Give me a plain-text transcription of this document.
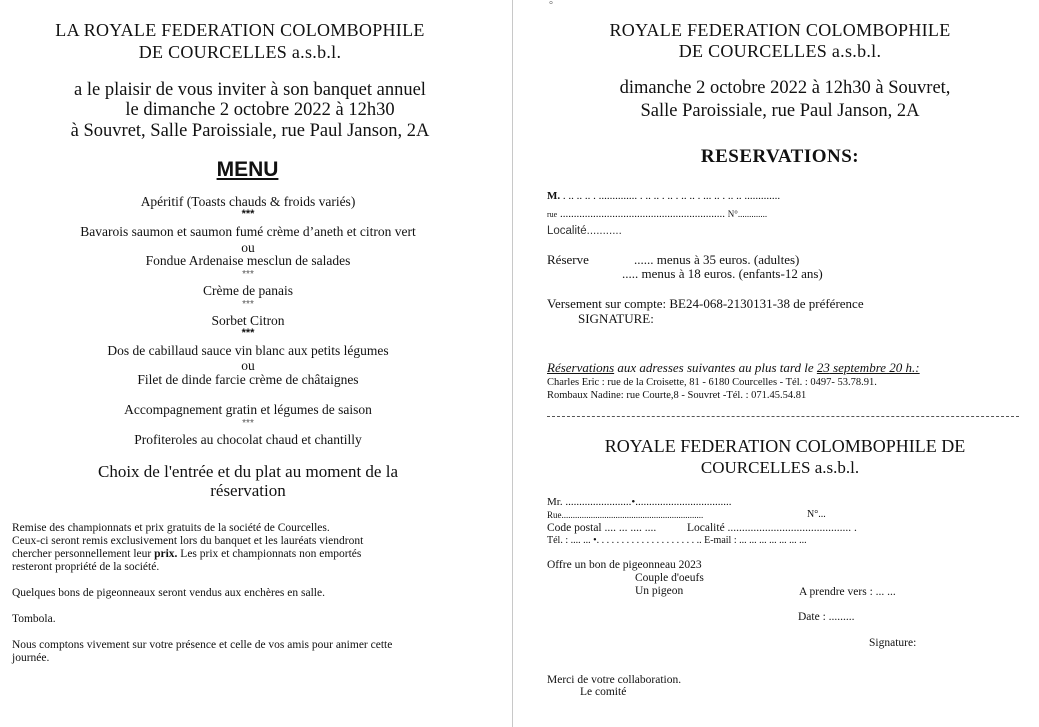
°
LA ROYALE FEDERATION COLOMBOPHILE
DE COURCELLES a.s.b.l.
a le plaisir de vous inviter à son banquet annuel
le dimanche 2 octobre 2022 à 12h30
à Souvret, Salle Paroissiale, rue Paul Janson, 2A
MENU
Apéritif (Toasts chauds & froids variés)
***
Bavarois saumon et saumon fumé crème d’aneth et citron vert
ou
Fondue Ardenaise mesclun de salades
***
Crème de panais
***
Sorbet Citron
***
Dos de cabillaud sauce vin blanc aux petits légumes
ou
Filet de dinde farcie crème de châtaignes
Accompagnement gratin et légumes de saison
***
Profiteroles au chocolat chaud et chantilly
Choix de l'entrée et du plat au moment de la
réservation
Remise des championnats et prix gratuits de la société de Courcelles.
Ceux-ci seront remis exclusivement lors du banquet et les lauréats viendront
chercher personnellement leur prix. Les prix et championnats non emportés
resteront propriété de la société.
Quelques bons de pigeonneaux seront vendus aux enchères en salle.
Tombola.
Nous comptons vivement sur votre présence et celle de vos amis pour animer cette
journée.
ROYALE FEDERATION COLOMBOPHILE
DE COURCELLES a.s.b.l.
dimanche 2 octobre 2022 à 12h30 à Souvret,
Salle Paroissiale, rue Paul Janson, 2A
RESERVATIONS:
M. . .. .. .. . .............. . .. .. . .. . .. .. . ... .. . .. .. .............
rue ............................................................ N°.............
Localité...........
Réserve	...... menus à 35 euros. (adultes)
..... menus à 18 euros. (enfants-12 ans)
Versement sur compte: BE24-068-2130131-38 de préférence
SIGNATURE:
Réservations aux adresses suivantes au plus tard le 23 septembre 20 h.:
Charles Eric : rue de la Croisette, 81 - 6180 Courcelles - Tél. : 0497- 53.78.91.
Rombaux Nadine: rue Courte,8 - Souvret -Tél. : 071.45.54.81
ROYALE FEDERATION COLOMBOPHILE DE
COURCELLES a.s.b.l.
Mr. ........................•...................................
Rue...............................................................	N°...
Code postal .... ... .... ....	Localité ........................................... .
Tél. : .... ... •. . . . . . . . . . . . . . . . . . . . .. E-mail : ... ... ... ... ... ... ...
Offre un bon de pigeonneau 2023
Couple d'oeufs
Un pigeon	A prendre vers : ... ...
Date : .........
Signature:
Merci de votre collaboration.
Le comité
